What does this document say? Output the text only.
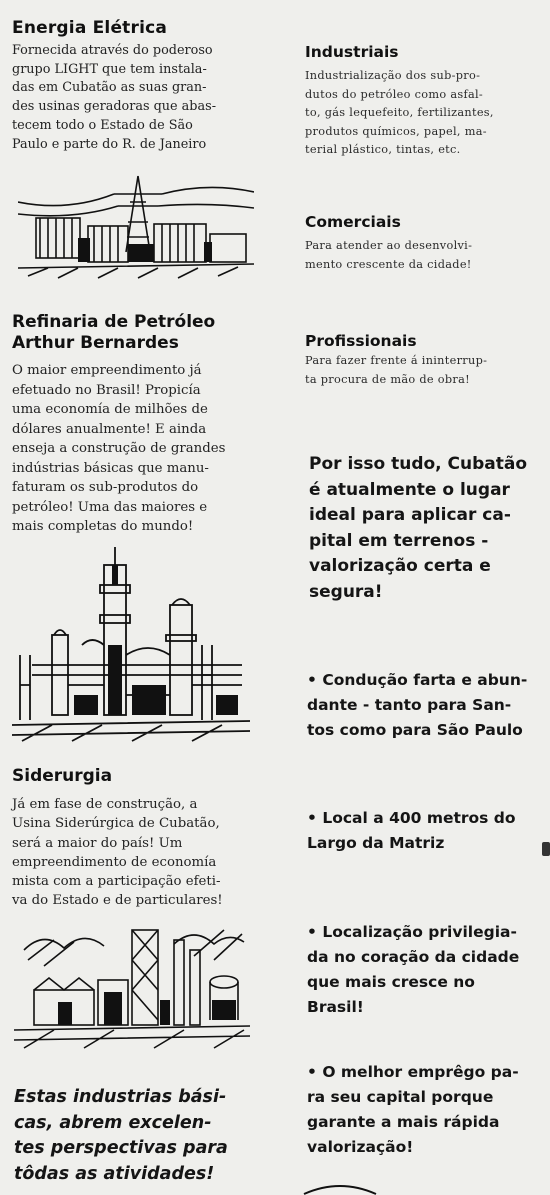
Energia Elétrica
Fornecida através do poderoso
grupo LIGHT que tem instala-
das em Cubatão as suas gran-
des usinas geradoras que abas-
tecem todo o Estado de São
Paulo e parte do R. de Janeiro
Refinaria de Petróleo
Arthur Bernardes
O maior empreendimento já
efetuado no Brasil! Propicía
uma economía de milhões de
dólares anualmente! E ainda
enseja a construção de grandes
indústrias básicas que manu-
faturam os sub-produtos do
petróleo! Uma das maiores e
mais completas do mundo!
Siderurgia
Já em fase de construção, a
Usina Siderúrgica de Cubatão,
será a maior do país! Um
empreendimento de economía
mista com a participação efeti-
va do Estado e de particulares!
Estas industrias bási-
cas, abrem excelen-
tes perspectivas para
tôdas as atividades!
Industriais
Industrialização dos sub-pro-
dutos do petróleo como asfal-
to, gás lequefeito, fertilizantes,
produtos químicos, papel, ma-
terial plástico, tintas, etc.
Comerciais
Para atender ao desenvolvi-
mento crescente da cidade!
Profissionais
Para fazer frente á ininterrup-
ta procura de mão de obra!
Por isso tudo, Cubatão
é atualmente o lugar
ideal para aplicar ca-
pital em terrenos -
valorização certa e
segura!
• Condução farta e abun-
dante - tanto para San-
tos como para São Paulo
• Local a 400 metros do
Largo da Matriz
• Localização privilegia-
da no coração da cidade
que mais cresce no Brasil!
• O melhor emprêgo pa-
ra seu capital porque
garante a mais rápida
valorização!
